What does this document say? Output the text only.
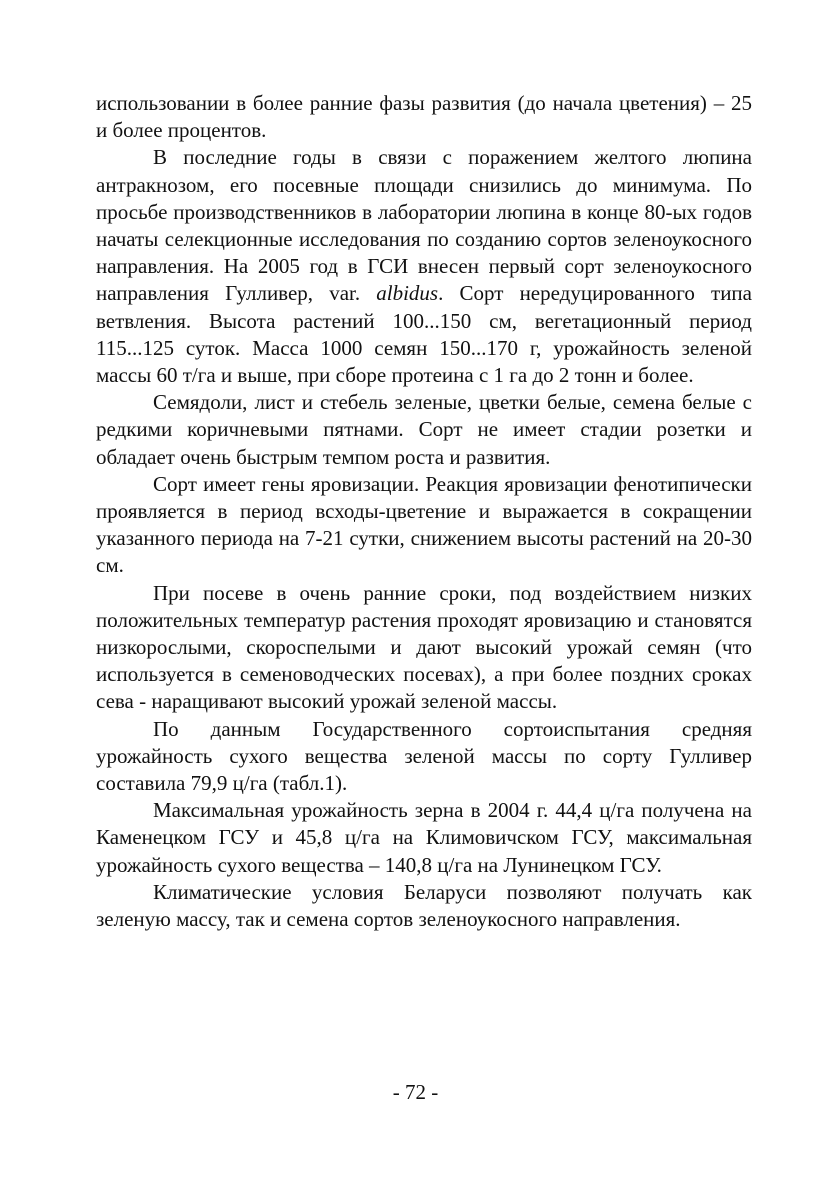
использовании в более ранние фазы развития (до начала цветения) – 25 и более процентов.

В последние годы в связи с поражением желтого люпина антракнозом, его посевные площади снизились до минимума. По просьбе производственников в лаборатории люпина в конце 80-ых годов начаты селекционные исследования по созданию сортов зеленоукосного направления. На 2005 год в ГСИ внесен первый сорт зеленоукосного направления Гулливер, var. albidus. Сорт нередуцированного типа ветвления. Высота растений 100...150 см, вегетационный период 115...125 суток. Масса 1000 семян 150...170 г, урожайность зеленой массы 60 т/га и выше, при сборе протеина с 1 га до 2 тонн и более.

Семядоли, лист и стебель зеленые, цветки белые, семена белые с редкими коричневыми пятнами. Сорт не имеет стадии розетки и обладает очень быстрым темпом роста и развития.

Сорт имеет гены яровизации. Реакция яровизации фенотипически проявляется в период всходы-цветение и выражается в сокращении указанного периода на 7-21 сутки, снижением высоты растений на 20-30 см.

При посеве в очень ранние сроки, под воздействием низких положительных температур растения проходят яровизацию и становятся низкорослыми, скороспелыми и дают высокий урожай семян (что используется в семеноводческих посевах), а при более поздних сроках сева - наращивают высокий урожай зеленой массы.

По данным Государственного сортоиспытания средняя урожайность сухого вещества зеленой массы по сорту Гулливер составила 79,9 ц/га (табл.1).

Максимальная урожайность зерна в 2004 г. 44,4 ц/га получена на Каменецком ГСУ и 45,8 ц/га на Климовичском ГСУ, максимальная урожайность сухого вещества – 140,8 ц/га на Лунинецком ГСУ.

Климатические условия Беларуси позволяют получать как зеленую массу, так и семена сортов зеленоукосного направления.

- 72 -
